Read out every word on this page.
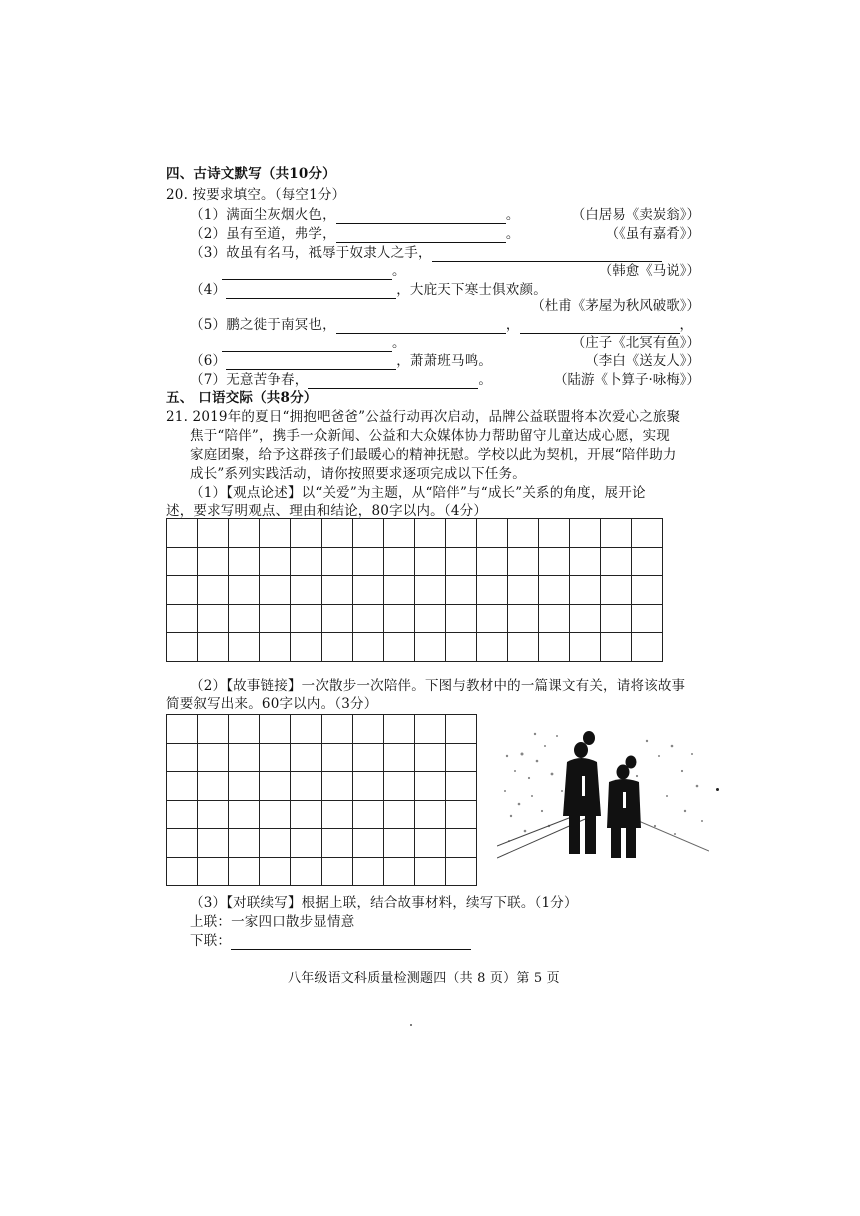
四、古诗文默写（共10分）
20. 按要求填空。（每空1分）
（1）满面尘灰烟火色，	。	（白居易《卖炭翁》）
（2）虽有至道，弗学，	。	（《虽有嘉肴》）
（3）故虽有名马，祗辱于奴隶人之手，
。	（韩愈《马说》）
（4）	，大庇天下寒士俱欢颜。
（杜甫《茅屋为秋风破歌》）
（5）鹏之徙于南冥也，	，	，
。	（庄子《北冥有鱼》）
（6）	，萧萧班马鸣。	（李白《送友人》）
（7）无意苦争春，	。	（陆游《卜算子·咏梅》）
五、 口语交际（共8分）
21. 2019年的夏日“拥抱吧爸爸”公益行动再次启动，品牌公益联盟将本次爱心之旅聚
焦于“陪伴”，携手一众新闻、公益和大众媒体协力帮助留守儿童达成心愿，实现
家庭团聚，给予这群孩子们最暖心的精神抚慰。学校以此为契机，开展“陪伴助力
成长”系列实践活动，请你按照要求逐项完成以下任务。
（1）【观点论述】以“关爱”为主题，从“陪伴”与“成长”关系的角度，展开论
述，要求写明观点、理由和结论，80字以内。（4分）
（2）【故事链接】一次散步一次陪伴。下图与教材中的一篇课文有关，请将该故事
简要叙写出来。60字以内。（3分）
（3）【对联续写】根据上联，结合故事材料，续写下联。（1分）
上联：一家四口散步显情意
下联：
八年级语文科质量检测题四（共 8 页）第 5 页
